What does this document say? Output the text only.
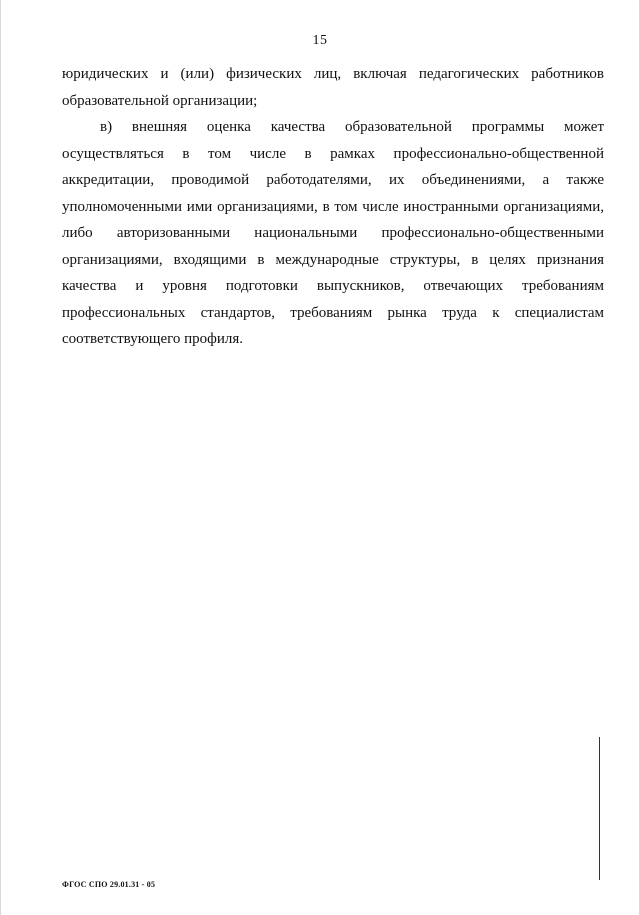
15

юридических и (или) физических лиц, включая педагогических работников
образовательной организации;

в) внешняя оценка качества образовательной программы может
осуществляться в том числе в рамках профессионально-общественной
аккредитации, проводимой работодателями, их объединениями, а также
уполномоченными ими организациями, в том числе иностранными организациями,
либо авторизованными национальными профессионально-общественными
организациями, входящими в международные структуры, в целях признания
качества и уровня подготовки выпускников, отвечающих требованиям
профессиональных стандартов, требованиям рынка труда к специалистам
соответствующего профиля.

ФГОС СПО 29.01.31 - 05
